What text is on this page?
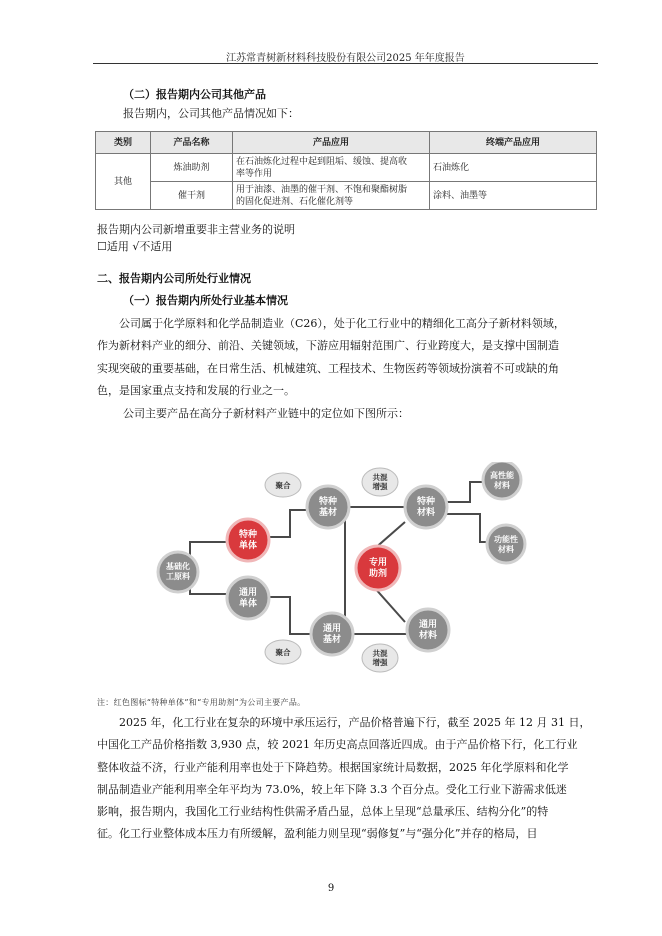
江苏常青树新材料科技股份有限公司2025 年年度报告
（二）报告期内公司其他产品
报告期内，公司其他产品情况如下：
类别	产品名称	产品应用	终端产品应用
其他	炼油助剂	在石油炼化过程中起到阻垢、缓蚀、提高收
率等作用	石油炼化
	催干剂	用于油漆、油墨的催干剂、不饱和聚酯树脂
的固化促进剂、石化催化剂等	涂料、油墨等
报告期内公司新增重要非主营业务的说明
☐适用 √不适用
二、报告期内公司所处行业情况
（一）报告期内所处行业基本情况
公司属于化学原料和化学品制造业（C26），处于化工行业中的精细化工高分子新材料领域，
作为新材料产业的细分、前沿、关键领域，下游应用辐射范围广、行业跨度大，是支撑中国制造
实现突破的重要基础，在日常生活、机械建筑、工程技术、生物医药等领域扮演着不可或缺的角
色，是国家重点支持和发展的行业之一。
公司主要产品在高分子新材料产业链中的定位如下图所示：
聚合
共混
增强
聚合	共混
增强
基础化
工原料
特种
单体
通用
单体
特种
基材
通用
基材
专用
助剂
特种
材料
通用
材料
高性能
材料
功能性
材料
注：红色图标“特种单体”和“专用助剂”为公司主要产品。
2025 年，化工行业在复杂的环境中承压运行，产品价格普遍下行，截至 2025 年 12 月 31 日，
中国化工产品价格指数 3,930 点，较 2021 年历史高点回落近四成。由于产品价格下行，化工行业
整体收益不济，行业产能利用率也处于下降趋势。根据国家统计局数据，2025 年化学原料和化学
制品制造业产能利用率全年平均为 73.0%，较上年下降 3.3 个百分点。受化工行业下游需求低迷
影响，报告期内，我国化工行业结构性供需矛盾凸显，总体上呈现“总量承压、结构分化”的特
征。化工行业整体成本压力有所缓解，盈利能力则呈现“弱修复”与“强分化”并存的格局，目
9
